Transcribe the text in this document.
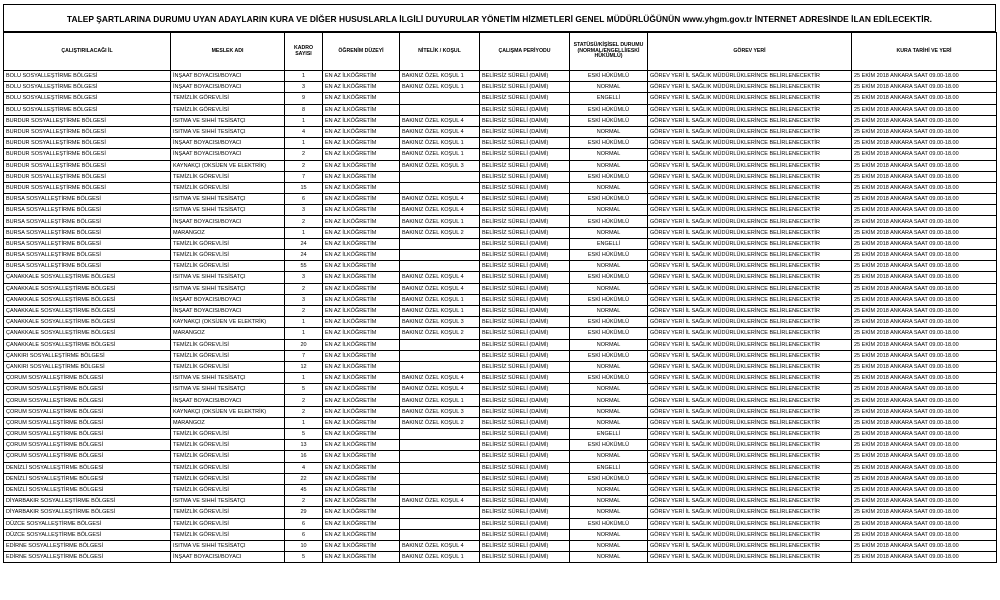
TALEP ŞARTLARINA DURUMU UYAN ADAYLARIN KURA VE DİĞER HUSUSLARLA İLGİLİ DUYURULAR YÖNETİM HİZMETLERİ GENEL MÜDÜRLÜĞÜNÜN www.yhgm.gov.tr İNTERNET ADRESİNDE İLAN EDİLECEKTİR.
ÇALIŞTIRILACAĞI İL	MESLEK ADI	KADRO SAYISI	ÖĞRENİM DÜZEYİ	NİTELİK / KOŞUL	ÇALIŞMA PERİYODU	STATÜSÜ/KİŞİSEL DURUMU (NORMAL/ENGELLİ/ESKİ HÜKÜMLÜ)	GÖREV YERİ	KURA TARİHİ VE YERİ
BOLU SOSYALLEŞTİRME BÖLGESİ	İNŞAAT BOYACISI/BOYACI	1	EN AZ İLKÖĞRETİM	BAKINIZ ÖZEL KOŞUL 1	BELİRSİZ SÜRELİ (DAİMİ)	ESKİ HÜKÜMLÜ	GÖREV YERİ İL SAĞLIK MÜDÜRLÜKLERİNCE BELİRLENECEKTİR	25 EKİM 2018 ANKARA SAAT 09.00-18.00
BOLU SOSYALLEŞTİRME BÖLGESİ	İNŞAAT BOYACISI/BOYACI	3	EN AZ İLKÖĞRETİM	BAKINIZ ÖZEL KOŞUL 1	BELİRSİZ SÜRELİ (DAİMİ)	NORMAL	GÖREV YERİ İL SAĞLIK MÜDÜRLÜKLERİNCE BELİRLENECEKTİR	25 EKİM 2018 ANKARA SAAT 09.00-18.00
BOLU SOSYALLEŞTİRME BÖLGESİ	TEMİZLİK GÖREVLİSİ	9	EN AZ İLKÖĞRETİM		BELİRSİZ SÜRELİ (DAİMİ)	ENGELLİ	GÖREV YERİ İL SAĞLIK MÜDÜRLÜKLERİNCE BELİRLENECEKTİR	25 EKİM 2018 ANKARA SAAT 09.00-18.00
BOLU SOSYALLEŞTİRME BÖLGESİ	TEMİZLİK GÖREVLİSİ	8	EN AZ İLKÖĞRETİM		BELİRSİZ SÜRELİ (DAİMİ)	ESKİ HÜKÜMLÜ	GÖREV YERİ İL SAĞLIK MÜDÜRLÜKLERİNCE BELİRLENECEKTİR	25 EKİM 2018 ANKARA SAAT 09.00-18.00
BURDUR SOSYALLEŞTİRME BÖLGESİ	ISITMA VE SIHHİ TESİSATÇI	1	EN AZ İLKÖĞRETİM	BAKINIZ ÖZEL KOŞUL 4	BELİRSİZ SÜRELİ (DAİMİ)	ESKİ HÜKÜMLÜ	GÖREV YERİ İL SAĞLIK MÜDÜRLÜKLERİNCE BELİRLENECEKTİR	25 EKİM 2018 ANKARA SAAT 09.00-18.00
BURDUR SOSYALLEŞTİRME BÖLGESİ	ISITMA VE SIHHİ TESİSATÇI	4	EN AZ İLKÖĞRETİM	BAKINIZ ÖZEL KOŞUL 4	BELİRSİZ SÜRELİ (DAİMİ)	NORMAL	GÖREV YERİ İL SAĞLIK MÜDÜRLÜKLERİNCE BELİRLENECEKTİR	25 EKİM 2018 ANKARA SAAT 09.00-18.00
BURDUR SOSYALLEŞTİRME BÖLGESİ	İNŞAAT BOYACISI/BOYACI	1	EN AZ İLKÖĞRETİM	BAKINIZ ÖZEL KOŞUL 1	BELİRSİZ SÜRELİ (DAİMİ)	ESKİ HÜKÜMLÜ	GÖREV YERİ İL SAĞLIK MÜDÜRLÜKLERİNCE BELİRLENECEKTİR	25 EKİM 2018 ANKARA SAAT 09.00-18.00
BURDUR SOSYALLEŞTİRME BÖLGESİ	İNŞAAT BOYACISI/BOYACI	2	EN AZ İLKÖĞRETİM	BAKINIZ ÖZEL KOŞUL 1	BELİRSİZ SÜRELİ (DAİMİ)	NORMAL	GÖREV YERİ İL SAĞLIK MÜDÜRLÜKLERİNCE BELİRLENECEKTİR	25 EKİM 2018 ANKARA SAAT 09.00-18.00
BURDUR SOSYALLEŞTİRME BÖLGESİ	KAYNAKÇI (OKSİJEN VE ELEKTRİK)	2	EN AZ İLKÖĞRETİM	BAKINIZ ÖZEL KOŞUL 3	BELİRSİZ SÜRELİ (DAİMİ)	NORMAL	GÖREV YERİ İL SAĞLIK MÜDÜRLÜKLERİNCE BELİRLENECEKTİR	25 EKİM 2018 ANKARA SAAT 09.00-18.00
BURDUR SOSYALLEŞTİRME BÖLGESİ	TEMİZLİK GÖREVLİSİ	7	EN AZ İLKÖĞRETİM		BELİRSİZ SÜRELİ (DAİMİ)	ESKİ HÜKÜMLÜ	GÖREV YERİ İL SAĞLIK MÜDÜRLÜKLERİNCE BELİRLENECEKTİR	25 EKİM 2018 ANKARA SAAT 09.00-18.00
BURDUR SOSYALLEŞTİRME BÖLGESİ	TEMİZLİK GÖREVLİSİ	15	EN AZ İLKÖĞRETİM		BELİRSİZ SÜRELİ (DAİMİ)	NORMAL	GÖREV YERİ İL SAĞLIK MÜDÜRLÜKLERİNCE BELİRLENECEKTİR	25 EKİM 2018 ANKARA SAAT 09.00-18.00
BURSA SOSYALLEŞTİRME BÖLGESİ	ISITMA VE SIHHİ TESİSATÇI	6	EN AZ İLKÖĞRETİM	BAKINIZ ÖZEL KOŞUL 4	BELİRSİZ SÜRELİ (DAİMİ)	ESKİ HÜKÜMLÜ	GÖREV YERİ İL SAĞLIK MÜDÜRLÜKLERİNCE BELİRLENECEKTİR	25 EKİM 2018 ANKARA SAAT 09.00-18.00
BURSA SOSYALLEŞTİRME BÖLGESİ	ISITMA VE SIHHİ TESİSATÇI	3	EN AZ İLKÖĞRETİM	BAKINIZ ÖZEL KOŞUL 4	BELİRSİZ SÜRELİ (DAİMİ)	NORMAL	GÖREV YERİ İL SAĞLIK MÜDÜRLÜKLERİNCE BELİRLENECEKTİR	25 EKİM 2018 ANKARA SAAT 09.00-18.00
BURSA SOSYALLEŞTİRME BÖLGESİ	İNŞAAT BOYACISI/BOYACI	2	EN AZ İLKÖĞRETİM	BAKINIZ ÖZEL KOŞUL 1	BELİRSİZ SÜRELİ (DAİMİ)	ESKİ HÜKÜMLÜ	GÖREV YERİ İL SAĞLIK MÜDÜRLÜKLERİNCE BELİRLENECEKTİR	25 EKİM 2018 ANKARA SAAT 09.00-18.00
BURSA SOSYALLEŞTİRME BÖLGESİ	MARANGOZ	1	EN AZ İLKÖĞRETİM	BAKINIZ ÖZEL KOŞUL 2	BELİRSİZ SÜRELİ (DAİMİ)	NORMAL	GÖREV YERİ İL SAĞLIK MÜDÜRLÜKLERİNCE BELİRLENECEKTİR	25 EKİM 2018 ANKARA SAAT 09.00-18.00
BURSA SOSYALLEŞTİRME BÖLGESİ	TEMİZLİK GÖREVLİSİ	24	EN AZ İLKÖĞRETİM		BELİRSİZ SÜRELİ (DAİMİ)	ENGELLİ	GÖREV YERİ İL SAĞLIK MÜDÜRLÜKLERİNCE BELİRLENECEKTİR	25 EKİM 2018 ANKARA SAAT 09.00-18.00
BURSA SOSYALLEŞTİRME BÖLGESİ	TEMİZLİK GÖREVLİSİ	24	EN AZ İLKÖĞRETİM		BELİRSİZ SÜRELİ (DAİMİ)	ESKİ HÜKÜMLÜ	GÖREV YERİ İL SAĞLIK MÜDÜRLÜKLERİNCE BELİRLENECEKTİR	25 EKİM 2018 ANKARA SAAT 09.00-18.00
BURSA SOSYALLEŞTİRME BÖLGESİ	TEMİZLİK GÖREVLİSİ	55	EN AZ İLKÖĞRETİM		BELİRSİZ SÜRELİ (DAİMİ)	NORMAL	GÖREV YERİ İL SAĞLIK MÜDÜRLÜKLERİNCE BELİRLENECEKTİR	25 EKİM 2018 ANKARA SAAT 09.00-18.00
ÇANAKKALE SOSYALLEŞTİRME BÖLGESİ	ISITMA VE SIHHİ TESİSATÇI	3	EN AZ İLKÖĞRETİM	BAKINIZ ÖZEL KOŞUL 4	BELİRSİZ SÜRELİ (DAİMİ)	ESKİ HÜKÜMLÜ	GÖREV YERİ İL SAĞLIK MÜDÜRLÜKLERİNCE BELİRLENECEKTİR	25 EKİM 2018 ANKARA SAAT 09.00-18.00
ÇANAKKALE SOSYALLEŞTİRME BÖLGESİ	ISITMA VE SIHHİ TESİSATÇI	2	EN AZ İLKÖĞRETİM	BAKINIZ ÖZEL KOŞUL 4	BELİRSİZ SÜRELİ (DAİMİ)	NORMAL	GÖREV YERİ İL SAĞLIK MÜDÜRLÜKLERİNCE BELİRLENECEKTİR	25 EKİM 2018 ANKARA SAAT 09.00-18.00
ÇANAKKALE SOSYALLEŞTİRME BÖLGESİ	İNŞAAT BOYACISI/BOYACI	3	EN AZ İLKÖĞRETİM	BAKINIZ ÖZEL KOŞUL 1	BELİRSİZ SÜRELİ (DAİMİ)	ESKİ HÜKÜMLÜ	GÖREV YERİ İL SAĞLIK MÜDÜRLÜKLERİNCE BELİRLENECEKTİR	25 EKİM 2018 ANKARA SAAT 09.00-18.00
ÇANAKKALE SOSYALLEŞTİRME BÖLGESİ	İNŞAAT BOYACISI/BOYACI	2	EN AZ İLKÖĞRETİM	BAKINIZ ÖZEL KOŞUL 1	BELİRSİZ SÜRELİ (DAİMİ)	NORMAL	GÖREV YERİ İL SAĞLIK MÜDÜRLÜKLERİNCE BELİRLENECEKTİR	25 EKİM 2018 ANKARA SAAT 09.00-18.00
ÇANAKKALE SOSYALLEŞTİRME BÖLGESİ	KAYNAKÇI (OKSİJEN VE ELEKTRİK)	1	EN AZ İLKÖĞRETİM	BAKINIZ ÖZEL KOŞUL 3	BELİRSİZ SÜRELİ (DAİMİ)	ESKİ HÜKÜMLÜ	GÖREV YERİ İL SAĞLIK MÜDÜRLÜKLERİNCE BELİRLENECEKTİR	25 EKİM 2018 ANKARA SAAT 09.00-18.00
ÇANAKKALE SOSYALLEŞTİRME BÖLGESİ	MARANGOZ	1	EN AZ İLKÖĞRETİM	BAKINIZ ÖZEL KOŞUL 2	BELİRSİZ SÜRELİ (DAİMİ)	ESKİ HÜKÜMLÜ	GÖREV YERİ İL SAĞLIK MÜDÜRLÜKLERİNCE BELİRLENECEKTİR	25 EKİM 2018 ANKARA SAAT 09.00-18.00
ÇANAKKALE SOSYALLEŞTİRME BÖLGESİ	TEMİZLİK GÖREVLİSİ	20	EN AZ İLKÖĞRETİM		BELİRSİZ SÜRELİ (DAİMİ)	NORMAL	GÖREV YERİ İL SAĞLIK MÜDÜRLÜKLERİNCE BELİRLENECEKTİR	25 EKİM 2018 ANKARA SAAT 09.00-18.00
ÇANKIRI SOSYALLEŞTİRME BÖLGESİ	TEMİZLİK GÖREVLİSİ	7	EN AZ İLKÖĞRETİM		BELİRSİZ SÜRELİ (DAİMİ)	ESKİ HÜKÜMLÜ	GÖREV YERİ İL SAĞLIK MÜDÜRLÜKLERİNCE BELİRLENECEKTİR	25 EKİM 2018 ANKARA SAAT 09.00-18.00
ÇANKIRI SOSYALLEŞTİRME BÖLGESİ	TEMİZLİK GÖREVLİSİ	12	EN AZ İLKÖĞRETİM		BELİRSİZ SÜRELİ (DAİMİ)	NORMAL	GÖREV YERİ İL SAĞLIK MÜDÜRLÜKLERİNCE BELİRLENECEKTİR	25 EKİM 2018 ANKARA SAAT 09.00-18.00
ÇORUM SOSYALLEŞTİRME BÖLGESİ	ISITMA VE SIHHİ TESİSATÇI	1	EN AZ İLKÖĞRETİM	BAKINIZ ÖZEL KOŞUL 4	BELİRSİZ SÜRELİ (DAİMİ)	ESKİ HÜKÜMLÜ	GÖREV YERİ İL SAĞLIK MÜDÜRLÜKLERİNCE BELİRLENECEKTİR	25 EKİM 2018 ANKARA SAAT 09.00-18.00
ÇORUM SOSYALLEŞTİRME BÖLGESİ	ISITMA VE SIHHİ TESİSATÇI	5	EN AZ İLKÖĞRETİM	BAKINIZ ÖZEL KOŞUL 4	BELİRSİZ SÜRELİ (DAİMİ)	NORMAL	GÖREV YERİ İL SAĞLIK MÜDÜRLÜKLERİNCE BELİRLENECEKTİR	25 EKİM 2018 ANKARA SAAT 09.00-18.00
ÇORUM SOSYALLEŞTİRME BÖLGESİ	İNŞAAT BOYACISI/BOYACI	2	EN AZ İLKÖĞRETİM	BAKINIZ ÖZEL KOŞUL 1	BELİRSİZ SÜRELİ (DAİMİ)	NORMAL	GÖREV YERİ İL SAĞLIK MÜDÜRLÜKLERİNCE BELİRLENECEKTİR	25 EKİM 2018 ANKARA SAAT 09.00-18.00
ÇORUM SOSYALLEŞTİRME BÖLGESİ	KAYNAKÇI (OKSİJEN VE ELEKTRİK)	2	EN AZ İLKÖĞRETİM	BAKINIZ ÖZEL KOŞUL 3	BELİRSİZ SÜRELİ (DAİMİ)	NORMAL	GÖREV YERİ İL SAĞLIK MÜDÜRLÜKLERİNCE BELİRLENECEKTİR	25 EKİM 2018 ANKARA SAAT 09.00-18.00
ÇORUM SOSYALLEŞTİRME BÖLGESİ	MARANGOZ	1	EN AZ İLKÖĞRETİM	BAKINIZ ÖZEL KOŞUL 2	BELİRSİZ SÜRELİ (DAİMİ)	NORMAL	GÖREV YERİ İL SAĞLIK MÜDÜRLÜKLERİNCE BELİRLENECEKTİR	25 EKİM 2018 ANKARA SAAT 09.00-18.00
ÇORUM SOSYALLEŞTİRME BÖLGESİ	TEMİZLİK GÖREVLİSİ	5	EN AZ İLKÖĞRETİM		BELİRSİZ SÜRELİ (DAİMİ)	ENGELLİ	GÖREV YERİ İL SAĞLIK MÜDÜRLÜKLERİNCE BELİRLENECEKTİR	25 EKİM 2018 ANKARA SAAT 09.00-18.00
ÇORUM SOSYALLEŞTİRME BÖLGESİ	TEMİZLİK GÖREVLİSİ	13	EN AZ İLKÖĞRETİM		BELİRSİZ SÜRELİ (DAİMİ)	ESKİ HÜKÜMLÜ	GÖREV YERİ İL SAĞLIK MÜDÜRLÜKLERİNCE BELİRLENECEKTİR	25 EKİM 2018 ANKARA SAAT 09.00-18.00
ÇORUM SOSYALLEŞTİRME BÖLGESİ	TEMİZLİK GÖREVLİSİ	16	EN AZ İLKÖĞRETİM		BELİRSİZ SÜRELİ (DAİMİ)	NORMAL	GÖREV YERİ İL SAĞLIK MÜDÜRLÜKLERİNCE BELİRLENECEKTİR	25 EKİM 2018 ANKARA SAAT 09.00-18.00
DENİZLİ SOSYALLEŞTİRME BÖLGESİ	TEMİZLİK GÖREVLİSİ	4	EN AZ İLKÖĞRETİM		BELİRSİZ SÜRELİ (DAİMİ)	ENGELLİ	GÖREV YERİ İL SAĞLIK MÜDÜRLÜKLERİNCE BELİRLENECEKTİR	25 EKİM 2018 ANKARA SAAT 09.00-18.00
DENİZLİ SOSYALLEŞTİRME BÖLGESİ	TEMİZLİK GÖREVLİSİ	22	EN AZ İLKÖĞRETİM		BELİRSİZ SÜRELİ (DAİMİ)	ESKİ HÜKÜMLÜ	GÖREV YERİ İL SAĞLIK MÜDÜRLÜKLERİNCE BELİRLENECEKTİR	25 EKİM 2018 ANKARA SAAT 09.00-18.00
DENİZLİ SOSYALLEŞTİRME BÖLGESİ	TEMİZLİK GÖREVLİSİ	45	EN AZ İLKÖĞRETİM		BELİRSİZ SÜRELİ (DAİMİ)	NORMAL	GÖREV YERİ İL SAĞLIK MÜDÜRLÜKLERİNCE BELİRLENECEKTİR	25 EKİM 2018 ANKARA SAAT 09.00-18.00
DİYARBAKIR SOSYALLEŞTİRME BÖLGESİ	ISITMA VE SIHHİ TESİSATÇI	2	EN AZ İLKÖĞRETİM	BAKINIZ ÖZEL KOŞUL 4	BELİRSİZ SÜRELİ (DAİMİ)	NORMAL	GÖREV YERİ İL SAĞLIK MÜDÜRLÜKLERİNCE BELİRLENECEKTİR	25 EKİM 2018 ANKARA SAAT 09.00-18.00
DİYARBAKIR SOSYALLEŞTİRME BÖLGESİ	TEMİZLİK GÖREVLİSİ	29	EN AZ İLKÖĞRETİM		BELİRSİZ SÜRELİ (DAİMİ)	NORMAL	GÖREV YERİ İL SAĞLIK MÜDÜRLÜKLERİNCE BELİRLENECEKTİR	25 EKİM 2018 ANKARA SAAT 09.00-18.00
DÜZCE SOSYALLEŞTİRME BÖLGESİ	TEMİZLİK GÖREVLİSİ	6	EN AZ İLKÖĞRETİM		BELİRSİZ SÜRELİ (DAİMİ)	ESKİ HÜKÜMLÜ	GÖREV YERİ İL SAĞLIK MÜDÜRLÜKLERİNCE BELİRLENECEKTİR	25 EKİM 2018 ANKARA SAAT 09.00-18.00
DÜZCE SOSYALLEŞTİRME BÖLGESİ	TEMİZLİK GÖREVLİSİ	6	EN AZ İLKÖĞRETİM		BELİRSİZ SÜRELİ (DAİMİ)	NORMAL	GÖREV YERİ İL SAĞLIK MÜDÜRLÜKLERİNCE BELİRLENECEKTİR	25 EKİM 2018 ANKARA SAAT 09.00-18.00
EDİRNE SOSYALLEŞTİRME BÖLGESİ	ISITMA VE SIHHİ TESİSATÇI	10	EN AZ İLKÖĞRETİM	BAKINIZ ÖZEL KOŞUL 4	BELİRSİZ SÜRELİ (DAİMİ)	NORMAL	GÖREV YERİ İL SAĞLIK MÜDÜRLÜKLERİNCE BELİRLENECEKTİR	25 EKİM 2018 ANKARA SAAT 09.00-18.00
EDİRNE SOSYALLEŞTİRME BÖLGESİ	İNŞAAT BOYACISI/BOYACI	5	EN AZ İLKÖĞRETİM	BAKINIZ ÖZEL KOŞUL 1	BELİRSİZ SÜRELİ (DAİMİ)	NORMAL	GÖREV YERİ İL SAĞLIK MÜDÜRLÜKLERİNCE BELİRLENECEKTİR	25 EKİM 2018 ANKARA SAAT 09.00-18.00
